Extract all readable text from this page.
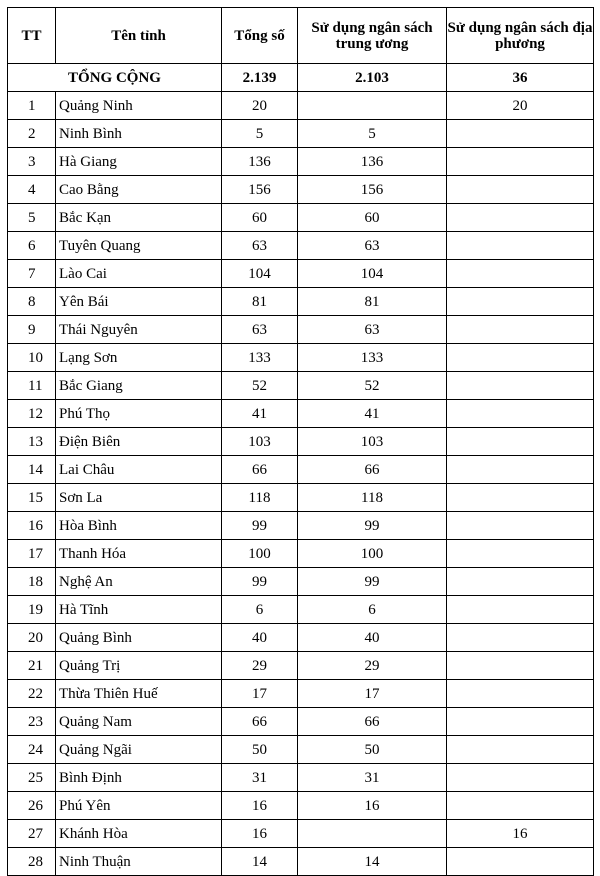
TT	Tên tỉnh	Tổng số	Sử dụng ngân sách trung ương	Sử dụng ngân sách địa phương
TỔNG CỘNG		2.139	2.103	36
1	Quảng Ninh	20		20
2	Ninh Bình	5	5	
3	Hà Giang	136	136	
4	Cao Bằng	156	156	
5	Bắc Kạn	60	60	
6	Tuyên Quang	63	63	
7	Lào Cai	104	104	
8	Yên Bái	81	81	
9	Thái Nguyên	63	63	
10	Lạng Sơn	133	133	
11	Bắc Giang	52	52	
12	Phú Thọ	41	41	
13	Điện Biên	103	103	
14	Lai Châu	66	66	
15	Sơn La	118	118	
16	Hòa Bình	99	99	
17	Thanh Hóa	100	100	
18	Nghệ An	99	99	
19	Hà Tĩnh	6	6	
20	Quảng Bình	40	40	
21	Quảng Trị	29	29	
22	Thừa Thiên Huế	17	17	
23	Quảng Nam	66	66	
24	Quảng Ngãi	50	50	
25	Bình Định	31	31	
26	Phú Yên	16	16	
27	Khánh Hòa	16		16
28	Ninh Thuận	14	14	
